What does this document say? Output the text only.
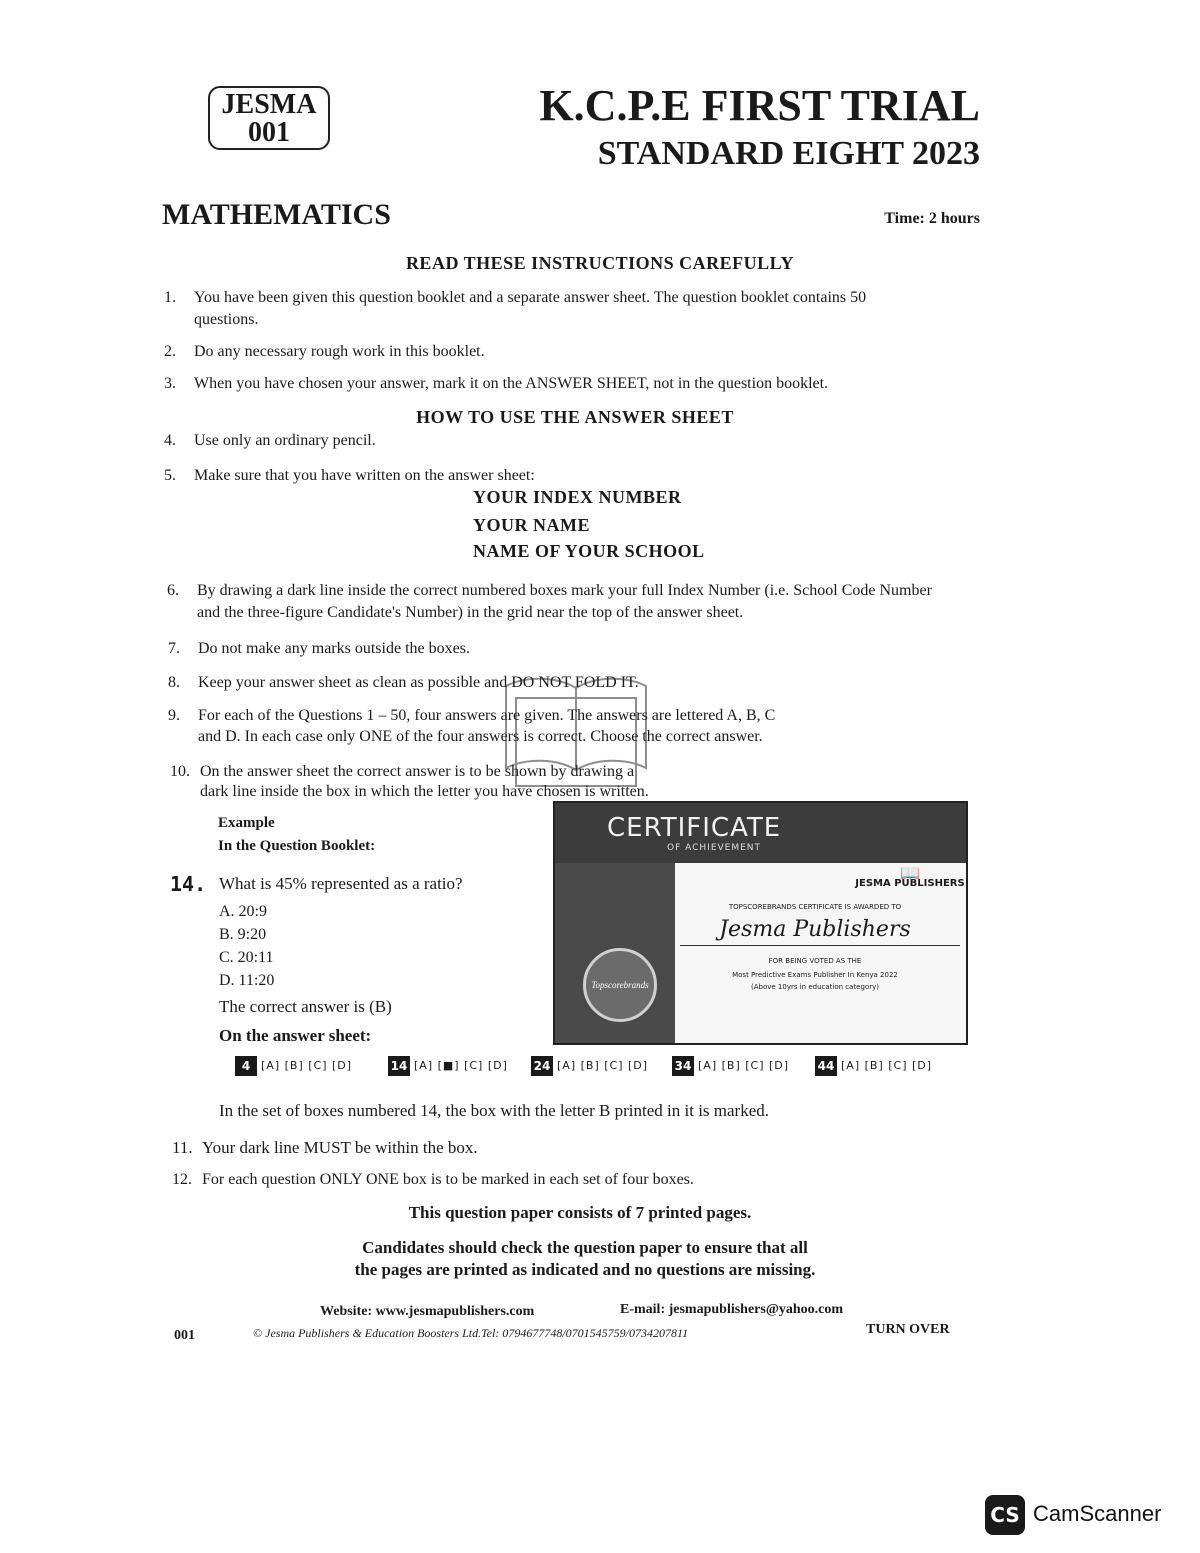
JESMA
001
K.C.P.E FIRST TRIAL
STANDARD EIGHT 2023
MATHEMATICS	Time: 2 hours
READ THESE INSTRUCTIONS CAREFULLY
1. You have been given this question booklet and a separate answer sheet. The question booklet contains 50
questions.
2. Do any necessary rough work in this booklet.
3. When you have chosen your answer, mark it on the ANSWER SHEET, not in the question booklet.
HOW TO USE THE ANSWER SHEET
4. Use only an ordinary pencil.
5. Make sure that you have written on the answer sheet:
YOUR INDEX NUMBER
YOUR NAME
NAME OF YOUR SCHOOL
6. By drawing a dark line inside the correct numbered boxes mark your full Index Number (i.e. School Code Number
and the three-figure Candidate's Number) in the grid near the top of the answer sheet.
7. Do not make any marks outside the boxes.
8. Keep your answer sheet as clean as possible and DO NOT FOLD IT.
9. For each of the Questions 1 – 50, four answers are given. The answers are lettered A, B, C
and D. In each case only ONE of the four answers is correct. Choose the correct answer.
10. On the answer sheet the correct answer is to be shown by drawing a
dark line inside the box in which the letter you have chosen is written.
Example
In the Question Booklet:
14. What is 45% represented as a ratio?
A. 20:9
B. 9:20
C. 20:11
D. 11:20
The correct answer is (B)
On the answer sheet:
CERTIFICATE
OF ACHIEVEMENT
📖
JESMA PUBLISHERS
TOPSCOREBRANDS CERTIFICATE IS AWARDED TO
Jesma Publishers
FOR BEING VOTED AS THE
Most Predictive Exams Publisher In Kenya 2022
(Above 10yrs in education category)
Topscorebrands
4 [A] [B] [C] [D]	14 [A] [■] [C] [D] 24 [A] [B] [C] [D] 34 [A] [B] [C] [D] 44 [A] [B] [C] [D]
In the set of boxes numbered 14, the box with the letter B printed in it is marked.
11. Your dark line MUST be within the box.
12. For each question ONLY ONE box is to be marked in each set of four boxes.
This question paper consists of 7 printed pages.
Candidates should check the question paper to ensure that all
the pages are printed as indicated and no questions are missing.
Website: www.jesmapublishers.com	E-mail: jesmapublishers@yahoo.com
001	© Jesma Publishers & Education Boosters Ltd.Tel: 0794677748/0701545759/0734207811	TURN OVER
CS CamScanner
